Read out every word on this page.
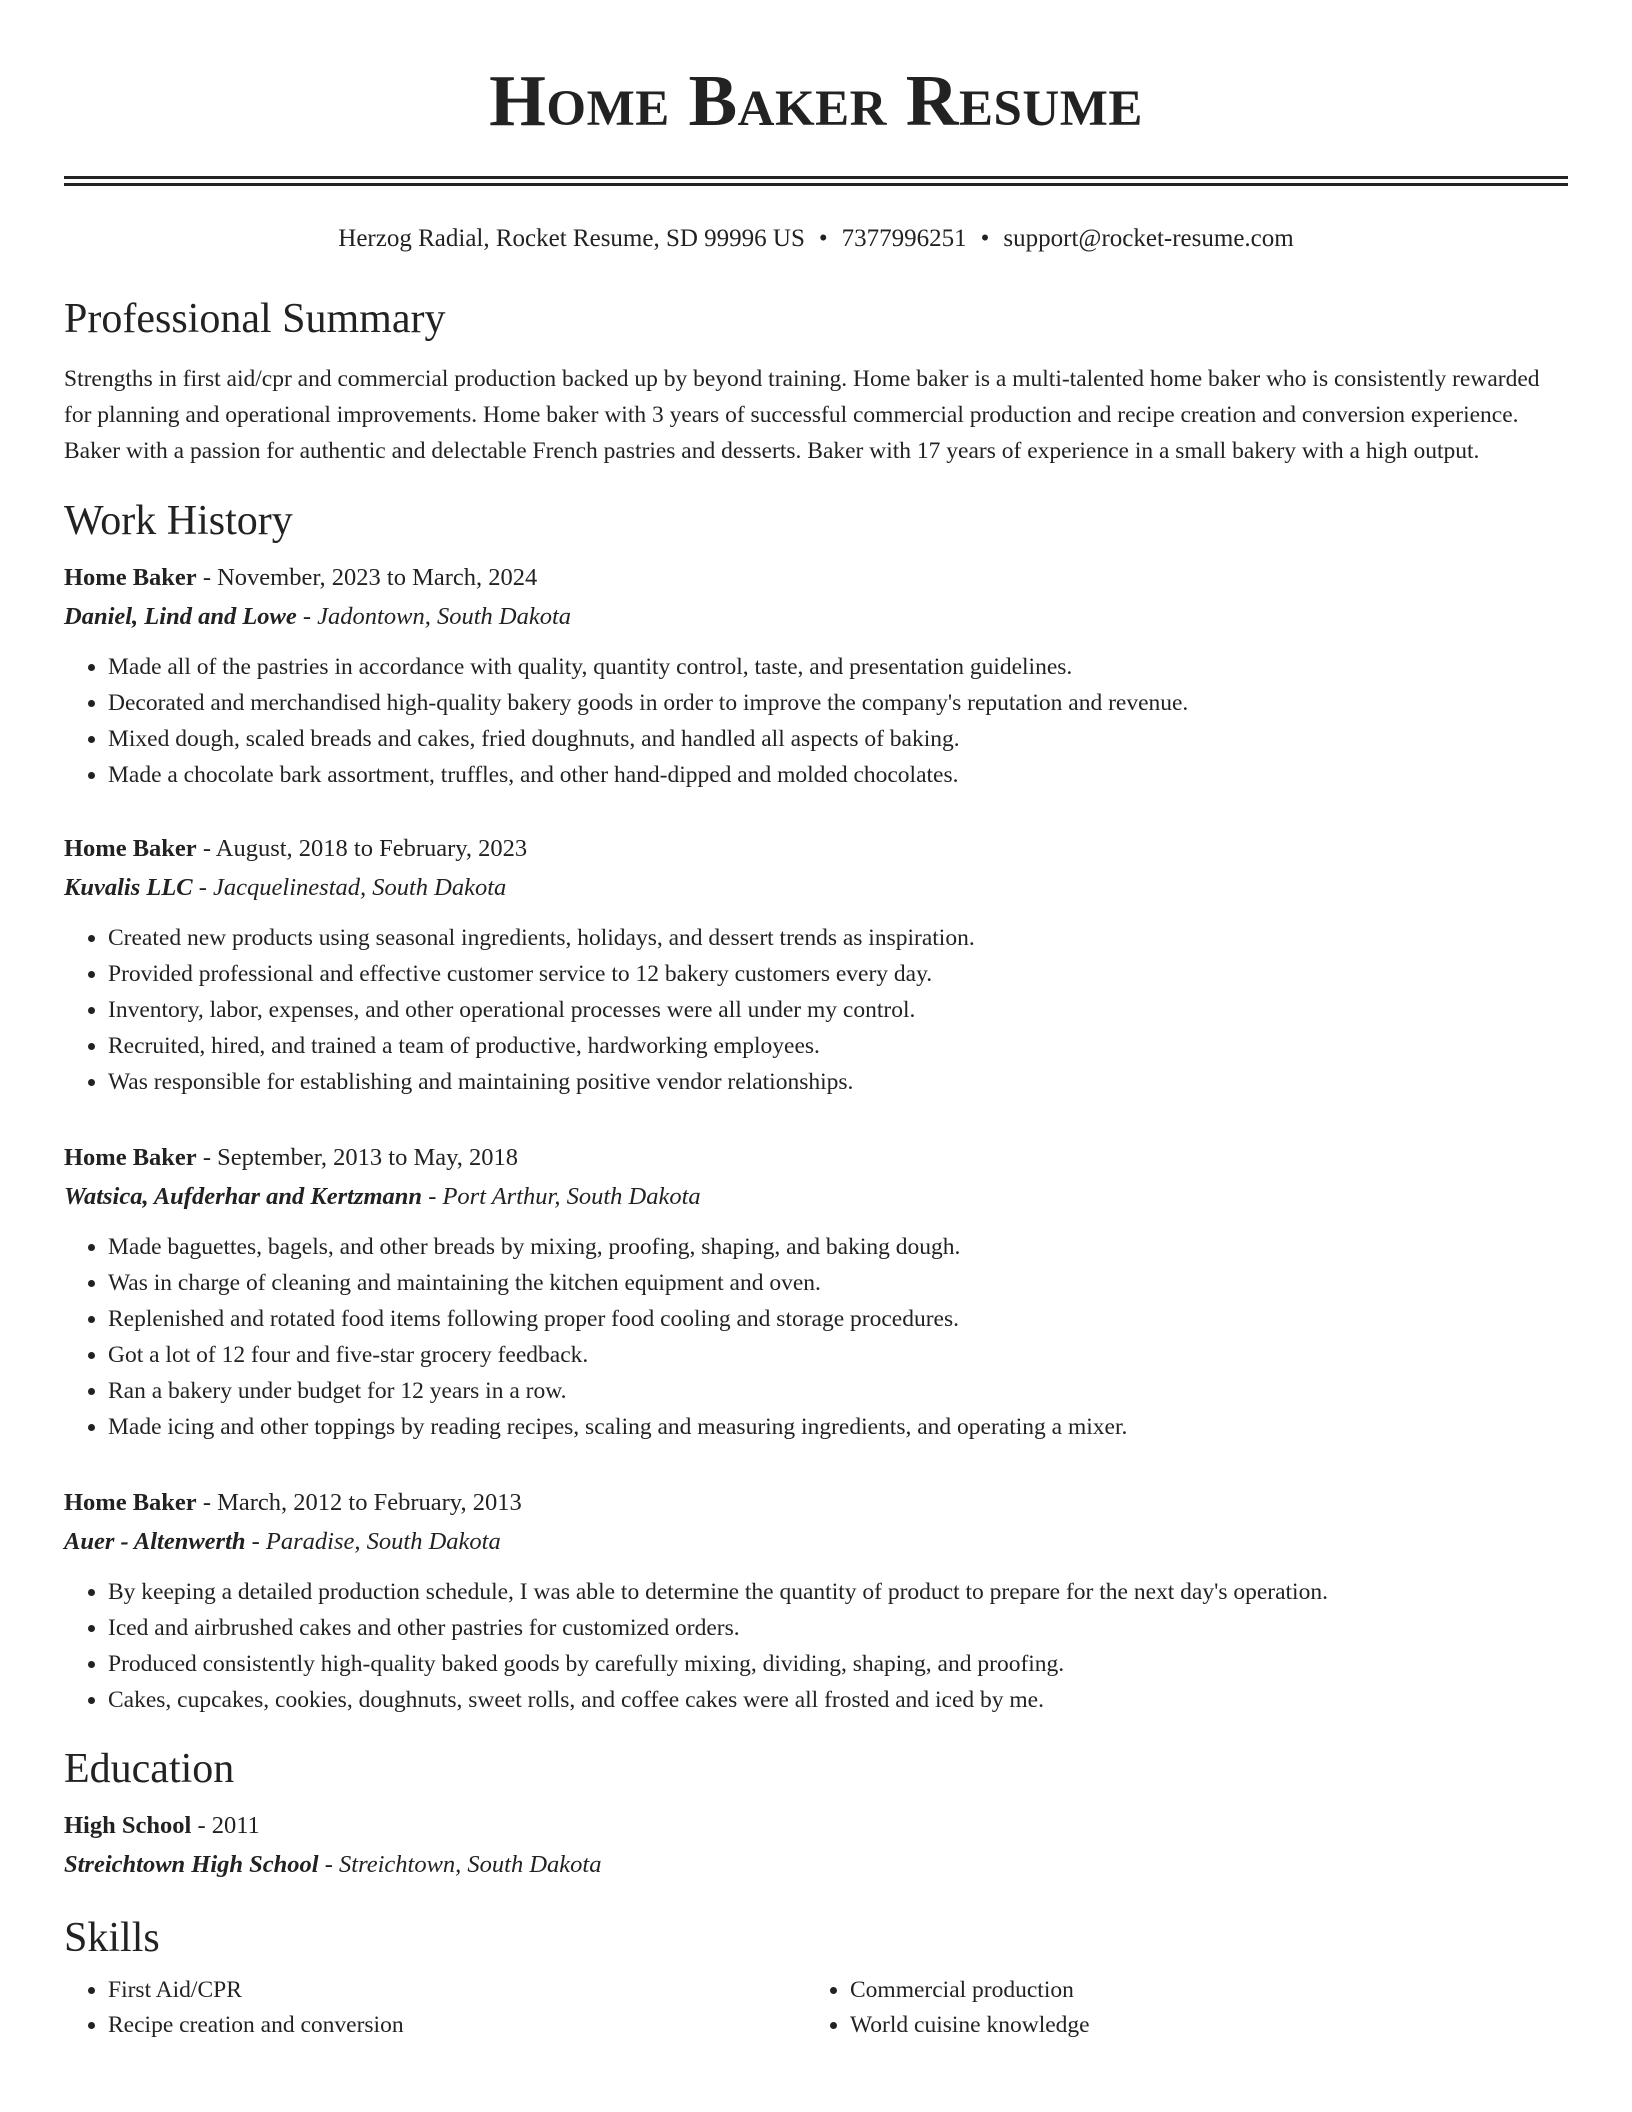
Home Baker Resume
Herzog Radial, Rocket Resume, SD 99996 US • 7377996251 • support@rocket-resume.com
Professional Summary
Strengths in first aid/cpr and commercial production backed up by beyond training. Home baker is a multi-talented home baker who is consistently rewarded for planning and operational improvements. Home baker with 3 years of successful commercial production and recipe creation and conversion experience. Baker with a passion for authentic and delectable French pastries and desserts. Baker with 17 years of experience in a small bakery with a high output.
Work History
Home Baker - November, 2023 to March, 2024
Daniel, Lind and Lowe - Jadontown, South Dakota
• Made all of the pastries in accordance with quality, quantity control, taste, and presentation guidelines.
• Decorated and merchandised high-quality bakery goods in order to improve the company's reputation and revenue.
• Mixed dough, scaled breads and cakes, fried doughnuts, and handled all aspects of baking.
• Made a chocolate bark assortment, truffles, and other hand-dipped and molded chocolates.
Home Baker - August, 2018 to February, 2023
Kuvalis LLC - Jacquelinestad, South Dakota
• Created new products using seasonal ingredients, holidays, and dessert trends as inspiration.
• Provided professional and effective customer service to 12 bakery customers every day.
• Inventory, labor, expenses, and other operational processes were all under my control.
• Recruited, hired, and trained a team of productive, hardworking employees.
• Was responsible for establishing and maintaining positive vendor relationships.
Home Baker - September, 2013 to May, 2018
Watsica, Aufderhar and Kertzmann - Port Arthur, South Dakota
• Made baguettes, bagels, and other breads by mixing, proofing, shaping, and baking dough.
• Was in charge of cleaning and maintaining the kitchen equipment and oven.
• Replenished and rotated food items following proper food cooling and storage procedures.
• Got a lot of 12 four and five-star grocery feedback.
• Ran a bakery under budget for 12 years in a row.
• Made icing and other toppings by reading recipes, scaling and measuring ingredients, and operating a mixer.
Home Baker - March, 2012 to February, 2013
Auer - Altenwerth - Paradise, South Dakota
• By keeping a detailed production schedule, I was able to determine the quantity of product to prepare for the next day's operation.
• Iced and airbrushed cakes and other pastries for customized orders.
• Produced consistently high-quality baked goods by carefully mixing, dividing, shaping, and proofing.
• Cakes, cupcakes, cookies, doughnuts, sweet rolls, and coffee cakes were all frosted and iced by me.
Education
High School - 2011
Streichtown High School - Streichtown, South Dakota
Skills
• First Aid/CPR
• Recipe creation and conversion
• Commercial production
• World cuisine knowledge
